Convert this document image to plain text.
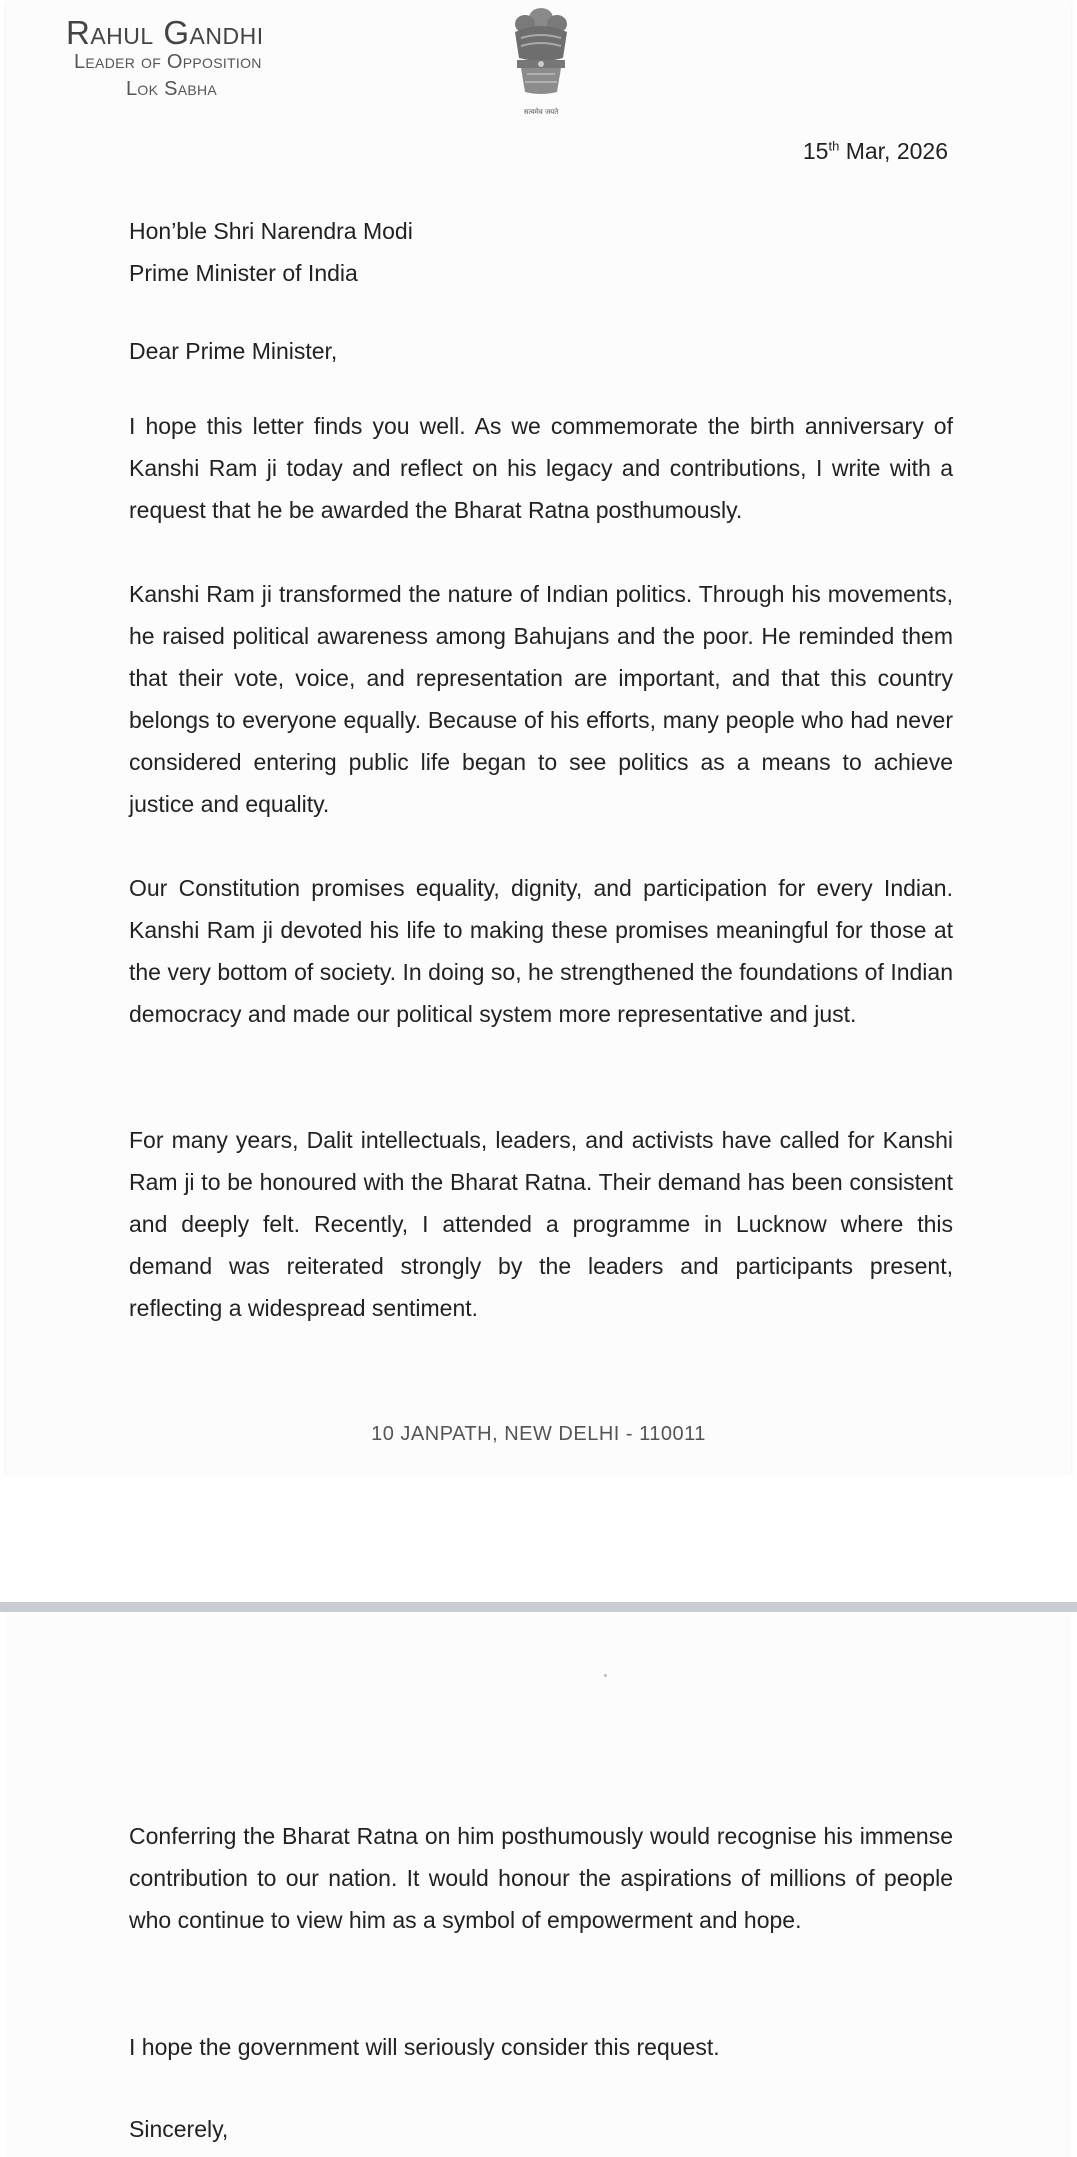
Rahul Gandhi
Leader of Opposition
Lok Sabha
सत्यमेव जयते
15th Mar, 2026
Hon’ble Shri Narendra Modi
Prime Minister of India
Dear Prime Minister,
I hope this letter finds you well. As we commemorate the birth anniversary of Kanshi Ram ji today and reflect on his legacy and contributions, I write with a request that he be awarded the Bharat Ratna posthumously.
Kanshi Ram ji transformed the nature of Indian politics. Through his movements, he raised political awareness among Bahujans and the poor. He reminded them that their vote, voice, and representation are important, and that this country belongs to everyone equally. Because of his efforts, many people who had never considered entering public life began to see politics as a means to achieve justice and equality.
Our Constitution promises equality, dignity, and participation for every Indian. Kanshi Ram ji devoted his life to making these promises meaningful for those at the very bottom of society. In doing so, he strengthened the foundations of Indian democracy and made our political system more representative and just.
For many years, Dalit intellectuals, leaders, and activists have called for Kanshi Ram ji to be honoured with the Bharat Ratna. Their demand has been consistent and deeply felt. Recently, I attended a programme in Lucknow where this demand was reiterated strongly by the leaders and participants present, reflecting a widespread sentiment.
10 JANPATH, NEW DELHI - 110011
Conferring the Bharat Ratna on him posthumously would recognise his immense contribution to our nation. It would honour the aspirations of millions of people who continue to view him as a symbol of empowerment and hope.
I hope the government will seriously consider this request.
Sincerely,
